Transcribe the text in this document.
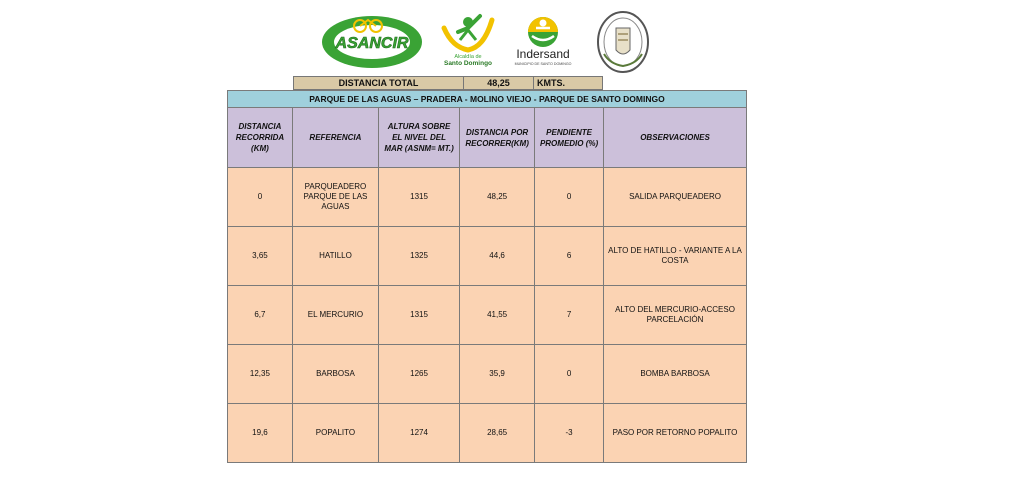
ASANCIR
Alcaldía de
Santo Domingo
Indersand
MUNICIPIO DE SANTO DOMINGO
DISTANCIA TOTAL	48,25	KMTS.
PARQUE DE LAS AGUAS – PRADERA - MOLINO VIEJO - PARQUE DE SANTO DOMINGO					
DISTANCIA RECORRIDA (KM)	REFERENCIA	ALTURA SOBRE EL NIVEL DEL MAR (ASNM= MT.)	DISTANCIA POR RECORRER(KM)	PENDIENTE PROMEDIO (%)	OBSERVACIONES
0	PARQUEADERO PARQUE DE LAS AGUAS	1315	48,25	0	SALIDA PARQUEADERO
3,65	HATILLO	1325	44,6	6	ALTO DE HATILLO - VARIANTE A LA COSTA
6,7	EL MERCURIO	1315	41,55	7	ALTO DEL MERCURIO-ACCESO PARCELACIÓN
12,35	BARBOSA	1265	35,9	0	BOMBA BARBOSA
19,6	POPALITO	1274	28,65	-3	PASO POR RETORNO POPALITO
